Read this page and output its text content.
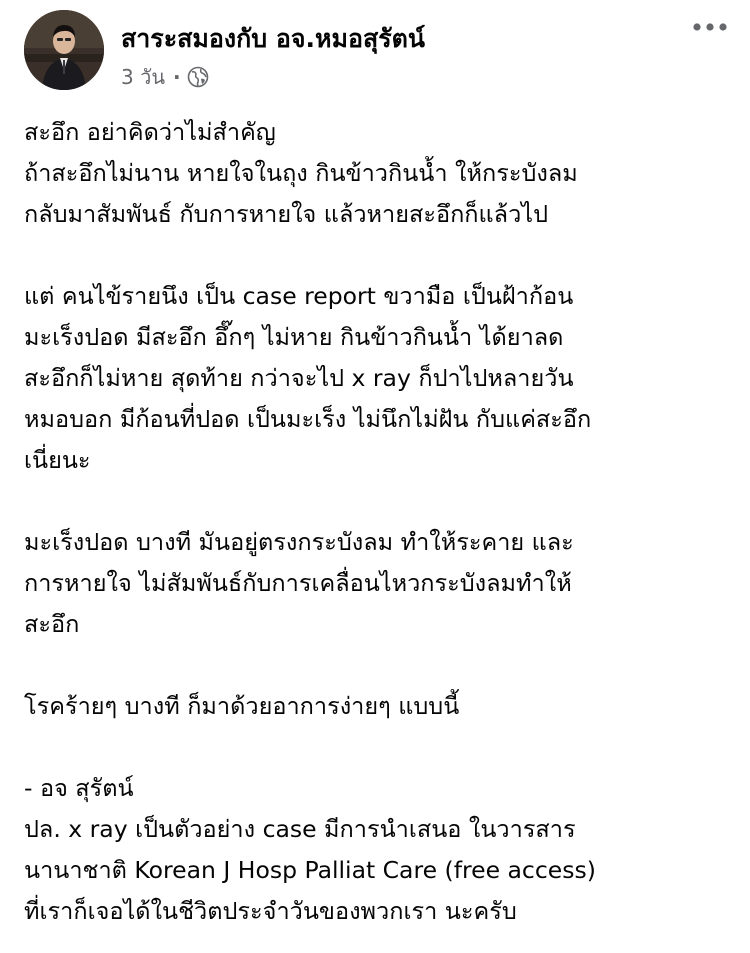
สาระสมองกับ อจ.หมอสุรัตน์
3 วัน ·
สะอึก อย่าคิดว่าไม่สำคัญ
ถ้าสะอึกไม่นาน หายใจในถุง กินข้าวกินน้ำ ให้กระบังลม
กลับมาสัมพันธ์ กับการหายใจ แล้วหายสะอึกก็แล้วไป
แต่ คนไข้รายนึง เป็น case report ขวามือ เป็นฝ้าก้อน
มะเร็งปอด มีสะอึก อึ๊กๆ ไม่หาย กินข้าวกินน้ำ ได้ยาลด
สะอึกก็ไม่หาย สุดท้าย กว่าจะไป x ray ก็ปาไปหลายวัน
หมอบอก มีก้อนที่ปอด เป็นมะเร็ง ไม่นึกไม่ฝัน กับแค่สะอึก
เนี่ยนะ
มะเร็งปอด บางที มันอยู่ตรงกระบังลม ทำให้ระคาย และ
การหายใจ ไม่สัมพันธ์กับการเคลื่อนไหวกระบังลมทำให้
สะอึก
โรคร้ายๆ บางที ก็มาด้วยอาการง่ายๆ แบบนี้
- อจ สุรัตน์
ปล. x ray เป็นตัวอย่าง case มีการนำเสนอ ในวารสาร
นานาชาติ Korean J Hosp Palliat Care (free access)
ที่เราก็เจอได้ในชีวิตประจำวันของพวกเรา นะครับ
